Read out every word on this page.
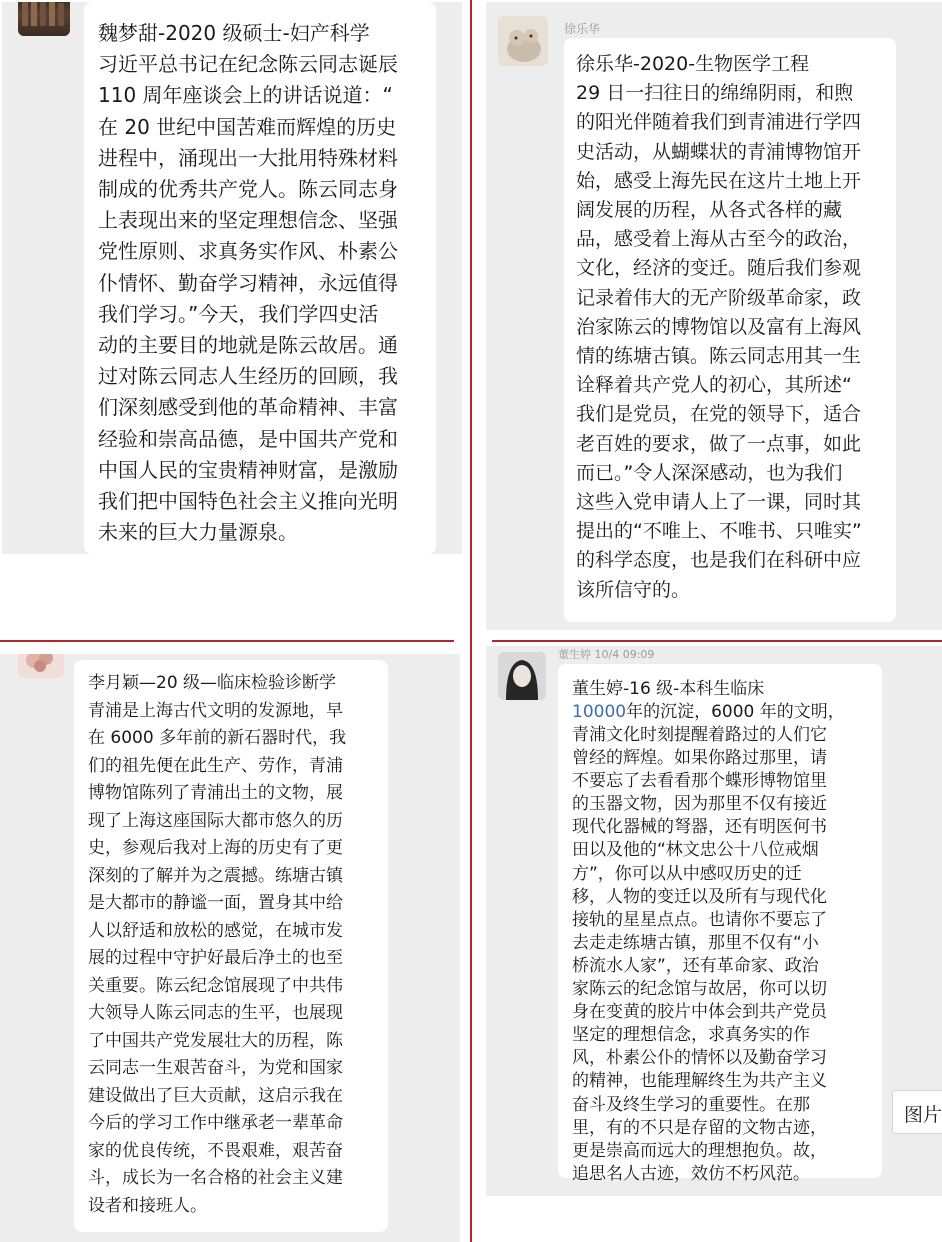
魏梦甜-2020 级硕士-妇产科学
习近平总书记在纪念陈云同志诞辰
110 周年座谈会上的讲话说道：“
在 20 世纪中国苦难而辉煌的历史
进程中，涌现出一大批用特殊材料
制成的优秀共产党人。陈云同志身
上表现出来的坚定理想信念、坚强
党性原则、求真务实作风、朴素公
仆情怀、勤奋学习精神，永远值得
我们学习。”今天，我们学四史活
动的主要目的地就是陈云故居。通
过对陈云同志人生经历的回顾，我
们深刻感受到他的革命精神、丰富
经验和崇高品德，是中国共产党和
中国人民的宝贵精神财富，是激励
我们把中国特色社会主义推向光明
未来的巨大力量源泉。
徐乐华
徐乐华-2020-生物医学工程
29 日一扫往日的绵绵阴雨，和煦
的阳光伴随着我们到青浦进行学四
史活动，从蝴蝶状的青浦博物馆开
始，感受上海先民在这片土地上开
阔发展的历程，从各式各样的藏
品，感受着上海从古至今的政治，
文化，经济的变迁。随后我们参观
记录着伟大的无产阶级革命家，政
治家陈云的博物馆以及富有上海风
情的练塘古镇。陈云同志用其一生
诠释着共产党人的初心，其所述“
我们是党员，在党的领导下，适合
老百姓的要求，做了一点事，如此
而已。”令人深深感动，也为我们
这些入党申请人上了一课，同时其
提出的“不唯上、不唯书、只唯实”
的科学态度，也是我们在科研中应
该所信守的。
李月颖—20 级—临床检验诊断学
青浦是上海古代文明的发源地，早
在 6000 多年前的新石器时代，我
们的祖先便在此生产、劳作，青浦
博物馆陈列了青浦出土的文物，展
现了上海这座国际大都市悠久的历
史，参观后我对上海的历史有了更
深刻的了解并为之震撼。练塘古镇
是大都市的静谧一面，置身其中给
人以舒适和放松的感觉，在城市发
展的过程中守护好最后净土的也至
关重要。陈云纪念馆展现了中共伟
大领导人陈云同志的生平，也展现
了中国共产党发展壮大的历程，陈
云同志一生艰苦奋斗，为党和国家
建设做出了巨大贡献，这启示我在
今后的学习工作中继承老一辈革命
家的优良传统，不畏艰难，艰苦奋
斗，成长为一名合格的社会主义建
设者和接班人。
董生婷 10/4 09:09
董生婷-16 级-本科生临床
10000年的沉淀，6000 年的文明，
青浦文化时刻提醒着路过的人们它
曾经的辉煌。如果你路过那里，请
不要忘了去看看那个蝶形博物馆里
的玉器文物，因为那里不仅有接近
现代化器械的弩器，还有明医何书
田以及他的“林文忠公十八位戒烟
方”，你可以从中感叹历史的迁
移，人物的变迁以及所有与现代化
接轨的星星点点。也请你不要忘了
去走走练塘古镇，那里不仅有“小
桥流水人家”，还有革命家、政治
家陈云的纪念馆与故居，你可以切
身在变黄的胶片中体会到共产党员
坚定的理想信念，求真务实的作
风，朴素公仆的情怀以及勤奋学习
的精神，也能理解终生为共产主义
奋斗及终生学习的重要性。在那
里，有的不只是存留的文物古迹，
更是崇高而远大的理想抱负。故，
追思名人古迹，效仿不朽风范。
图片
